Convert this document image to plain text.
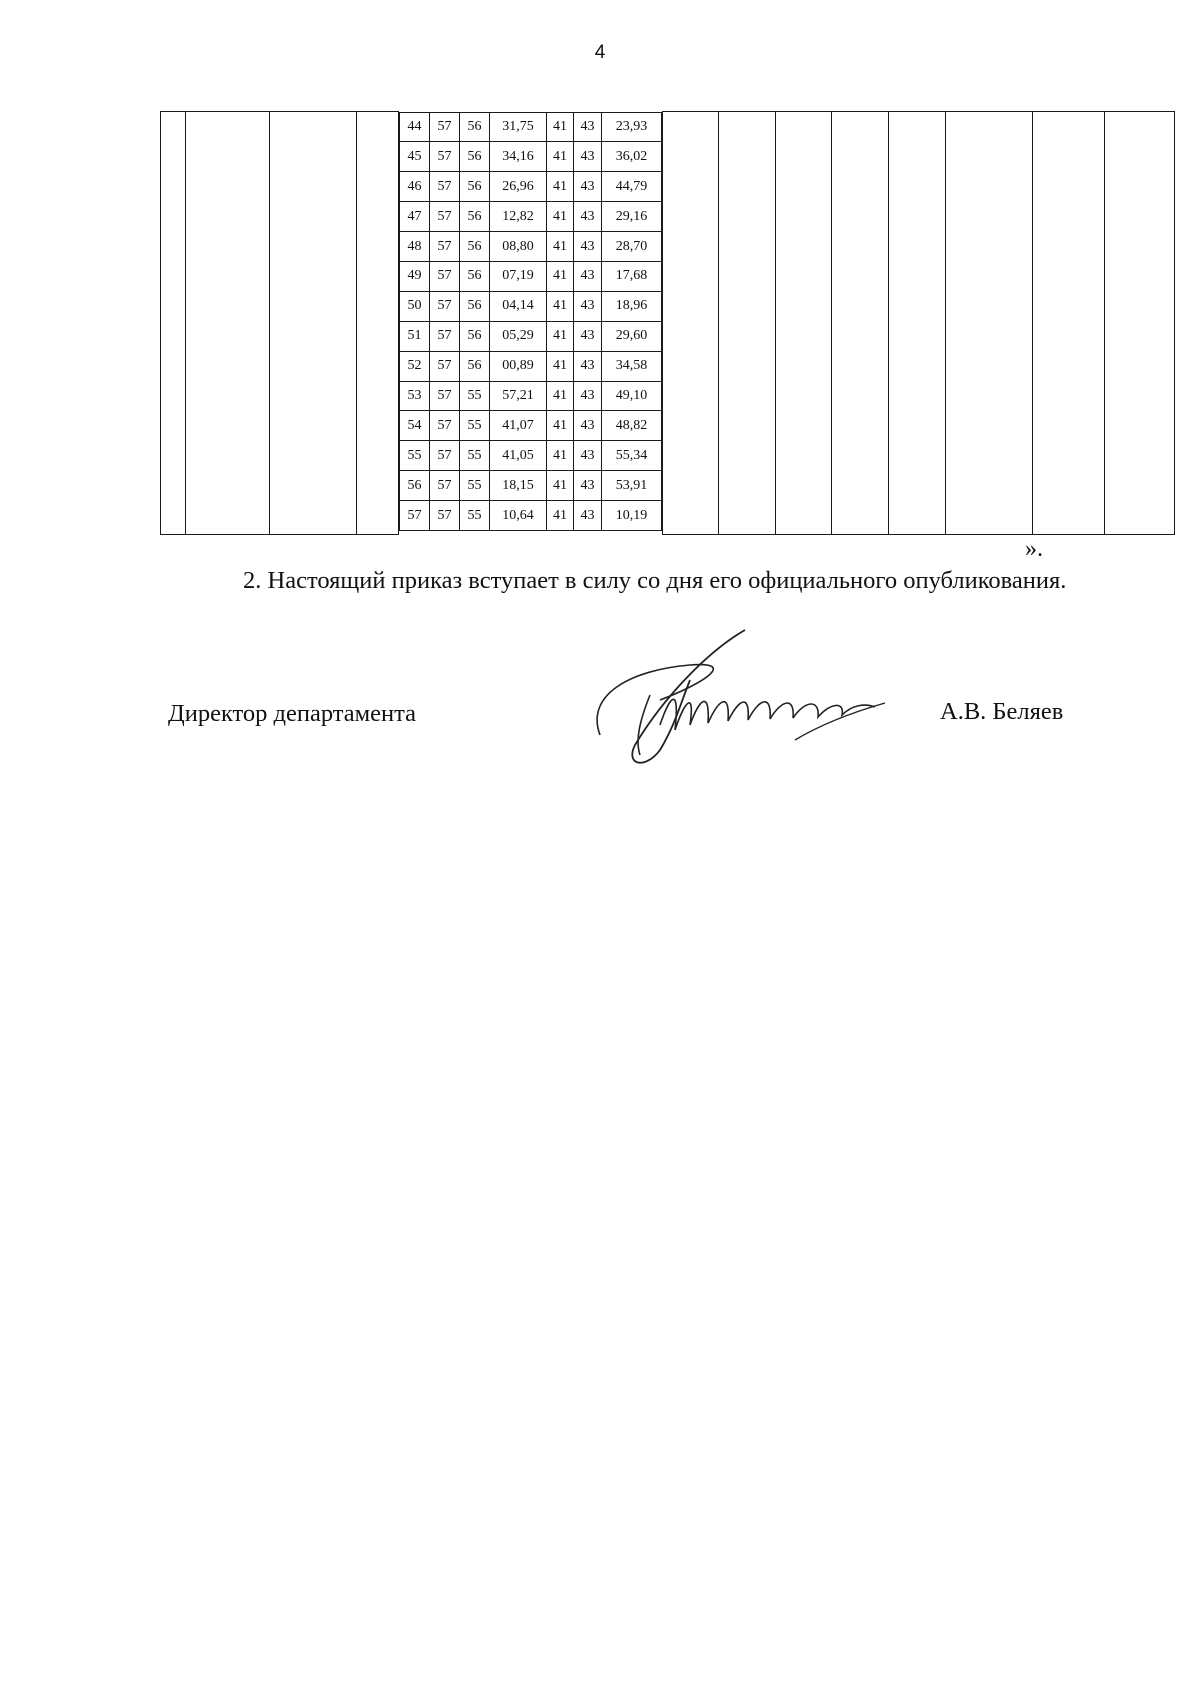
4

44	57	56	31,75	41	43	23,93
45	57	56	34,16	41	43	36,02
46	57	56	26,96	41	43	44,79
47	57	56	12,82	41	43	29,16
48	57	56	08,80	41	43	28,70
49	57	56	07,19	41	43	17,68
50	57	56	04,14	41	43	18,96
51	57	56	05,29	41	43	29,60
52	57	56	00,89	41	43	34,58
53	57	55	57,21	41	43	49,10
54	57	55	41,07	41	43	48,82
55	57	55	41,05	41	43	55,34
56	57	55	18,15	41	43	53,91
57	57	55	10,64	41	43	10,19

».

2. Настоящий приказ вступает в силу со дня его официального опубликования.

Директор департамента	А.В. Беляев
